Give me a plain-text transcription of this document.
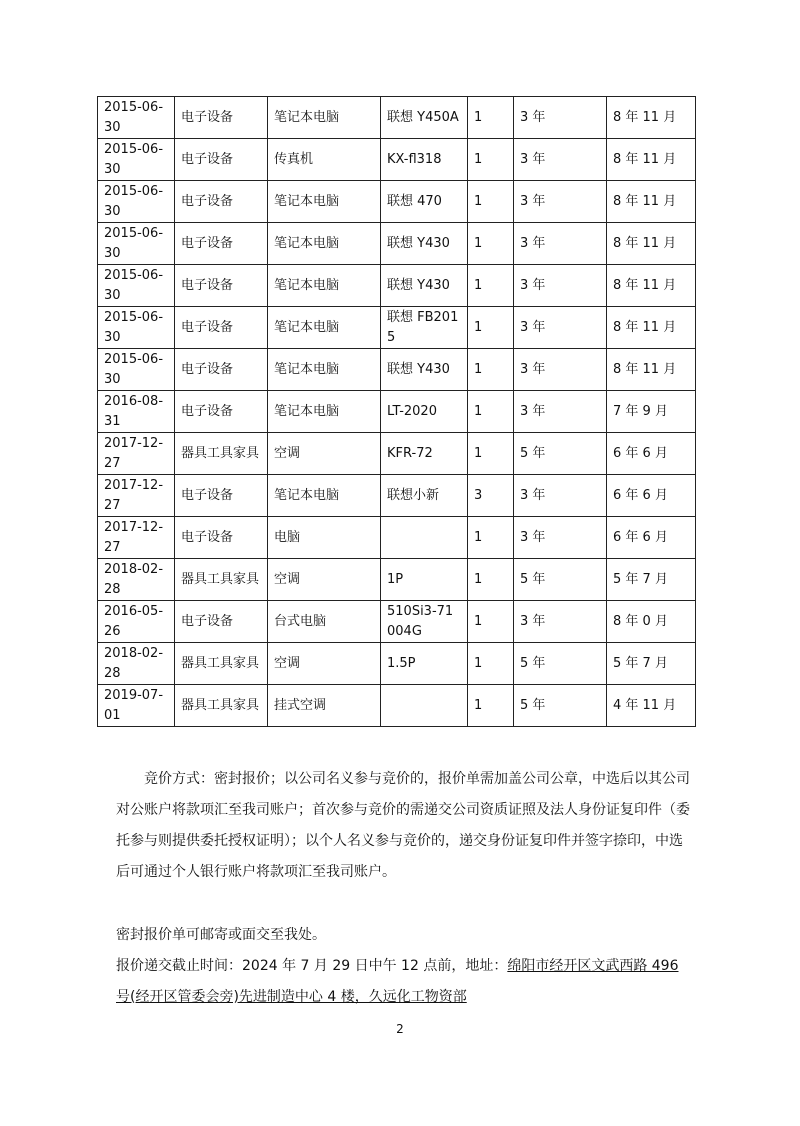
2015-06-30	电子设备	笔记本电脑	联想 Y450A	1	3 年	8 年 11 月
2015-06-30	电子设备	传真机	KX-fl318	1	3 年	8 年 11 月
2015-06-30	电子设备	笔记本电脑	联想 470	1	3 年	8 年 11 月
2015-06-30	电子设备	笔记本电脑	联想 Y430	1	3 年	8 年 11 月
2015-06-30	电子设备	笔记本电脑	联想 Y430	1	3 年	8 年 11 月
2015-06-30	电子设备	笔记本电脑	联想 FB2015	1	3 年	8 年 11 月
2015-06-30	电子设备	笔记本电脑	联想 Y430	1	3 年	8 年 11 月
2016-08-31	电子设备	笔记本电脑	LT-2020	1	3 年	7 年 9 月
2017-12-27	器具工具家具	空调	KFR-72	1	5 年	6 年 6 月
2017-12-27	电子设备	笔记本电脑	联想小新	3	3 年	6 年 6 月
2017-12-27	电子设备	电脑		1	3 年	6 年 6 月
2018-02-28	器具工具家具	空调	1P	1	5 年	5 年 7 月
2016-05-26	电子设备	台式电脑	510Si3-71004G	1	3 年	8 年 0 月
2018-02-28	器具工具家具	空调	1.5P	1	5 年	5 年 7 月
2019-07-01	器具工具家具	挂式空调		1	5 年	4 年 11 月
竞价方式：密封报价；以公司名义参与竞价的，报价单需加盖公司公章，中选后以其公司对公账户将款项汇至我司账户；首次参与竞价的需递交公司资质证照及法人身份证复印件（委托参与则提供委托授权证明）；以个人名义参与竞价的，递交身份证复印件并签字捺印，中选后可通过个人银行账户将款项汇至我司账户。
密封报价单可邮寄或面交至我处。
报价递交截止时间：2024 年 7 月 29 日中午 12 点前，地址：绵阳市经开区文武西路 496 号(经开区管委会旁)先进制造中心 4 楼，久远化工物资部
2
